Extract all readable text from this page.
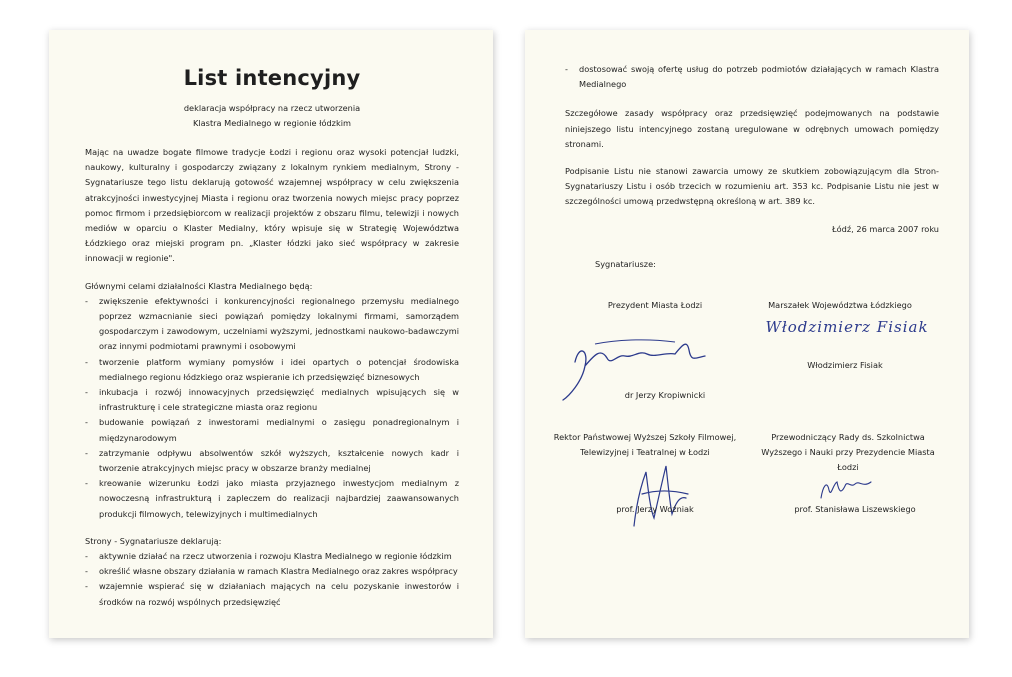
List intencyjny
deklaracja współpracy na rzecz utworzenia
Klastra Medialnego w regionie łódzkim

Mając na uwadze bogate filmowe tradycje Łodzi i regionu oraz wysoki potencjał ludzki, naukowy, kulturalny i gospodarczy związany z lokalnym rynkiem medialnym, Strony - Sygnatariusze tego listu deklarują gotowość wzajemnej współpracy w celu zwiększenia atrakcyjności inwestycyjnej Miasta i regionu oraz tworzenia nowych miejsc pracy poprzez pomoc firmom i przedsiębiorcom w realizacji projektów z obszaru filmu, telewizji i nowych mediów w oparciu o Klaster Medialny, który wpisuje się w Strategię Województwa Łódzkiego oraz miejski program pn. „Klaster łódzki jako sieć współpracy w zakresie innowacji w regionie".

Głównymi celami działalności Klastra Medialnego będą:

- zwiększenie efektywności i konkurencyjności regionalnego przemysłu medialnego poprzez wzmacnianie sieci powiązań pomiędzy lokalnymi firmami, samorządem gospodarczym i zawodowym, uczelniami wyższymi, jednostkami naukowo-badawczymi oraz innymi podmiotami prawnymi i osobowymi
- tworzenie platform wymiany pomysłów i idei opartych o potencjał środowiska medialnego regionu łódzkiego oraz wspieranie ich przedsięwzięć biznesowych
- inkubacja i rozwój innowacyjnych przedsięwzięć medialnych wpisujących się w infrastrukturę i cele strategiczne miasta oraz regionu
- budowanie powiązań z inwestorami medialnymi o zasięgu ponadregionalnym i międzynarodowym
- zatrzymanie odpływu absolwentów szkół wyższych, kształcenie nowych kadr i tworzenie atrakcyjnych miejsc pracy w obszarze branży medialnej
- kreowanie wizerunku Łodzi jako miasta przyjaznego inwestycjom medialnym z nowoczesną infrastrukturą i zapleczem do realizacji najbardziej zaawansowanych produkcji filmowych, telewizyjnych i multimedialnych

Strony - Sygnatariusze deklarują:

- aktywnie działać na rzecz utworzenia i rozwoju Klastra Medialnego w regionie łódzkim
- określić własne obszary działania w ramach Klastra Medialnego oraz zakres współpracy
- wzajemnie wspierać się w działaniach mających na celu pozyskanie inwestorów i środków na rozwój wspólnych przedsięwzięć
- dostosować swoją ofertę usług do potrzeb podmiotów działających w ramach Klastra Medialnego

Szczegółowe zasady współpracy oraz przedsięwzięć podejmowanych na podstawie niniejszego listu intencyjnego zostaną uregulowane w odrębnych umowach pomiędzy stronami.

Podpisanie Listu nie stanowi zawarcia umowy ze skutkiem zobowiązującym dla Stron-Sygnatariuszy Listu i osób trzecich w rozumieniu art. 353 kc. Podpisanie Listu nie jest w szczególności umową przedwstępną określoną w art. 389 kc.

Łódź, 26 marca 2007 roku
Sygnatariusze:
Prezydent Miasta Łodzi
dr Jerzy Kropiwnicki
Marszałek Województwa Łódzkiego
Włodzimierz Fisiak
Włodzimierz Fisiak
Rektor Państwowej Wyższej Szkoły Filmowej,
Telewizyjnej i Teatralnej w Łodzi
prof. Jerzy Woźniak
Przewodniczący Rady ds. Szkolnictwa
Wyższego i Nauki przy Prezydencie Miasta
Łodzi
prof. Stanisława Liszewskiego
